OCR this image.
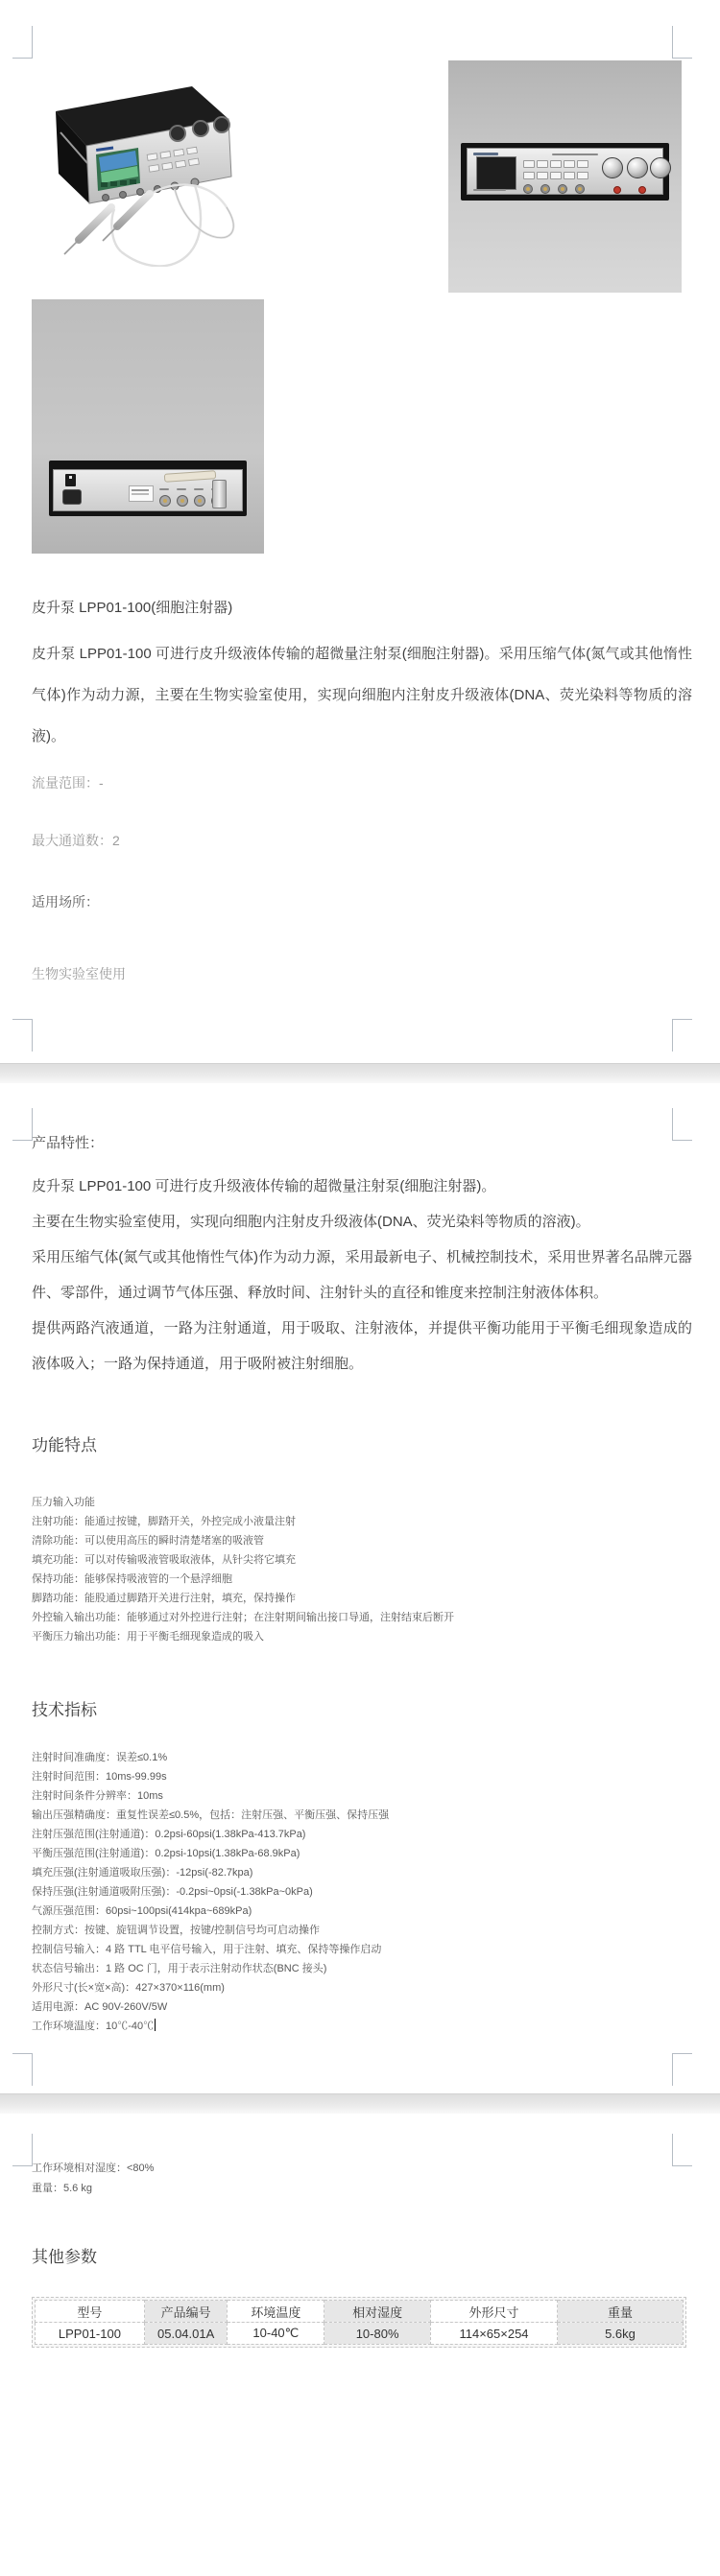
皮升泵 LPP01-100(细胞注射器)
皮升泵 LPP01-100 可进行皮升级液体传输的超微量注射泵(细胞注射器)。采用压缩气体(氮气或其他惰性气体)作为动力源，主要在生物实验室使用，实现向细胞内注射皮升级液体(DNA、荧光染料等物质的溶液)。
流量范围：-
最大通道数：2
适用场所：
生物实验室使用
产品特性：
皮升泵 LPP01-100 可进行皮升级液体传输的超微量注射泵(细胞注射器)。
主要在生物实验室使用，实现向细胞内注射皮升级液体(DNA、荧光染料等物质的溶液)。
采用压缩气体(氮气或其他惰性气体)作为动力源，采用最新电子、机械控制技术，采用世界著名品牌元器件、零部件，通过调节气体压强、释放时间、注射针头的直径和锥度来控制注射液体体积。
提供两路汽液通道，一路为注射通道，用于吸取、注射液体，并提供平衡功能用于平衡毛细现象造成的液体吸入；一路为保持通道，用于吸附被注射细胞。
功能特点
压力输入功能
注射功能：能通过按键，脚踏开关，外控完成小液量注射
清除功能：可以使用高压的瞬时清楚堵塞的吸液管
填充功能：可以对传输吸液管吸取液体，从针尖将它填充
保持功能：能够保持吸液管的一个悬浮细胞
脚踏功能：能股通过脚踏开关进行注射，填充，保持操作
外控输入输出功能：能够通过对外控进行注射；在注射期间输出接口导通，注射结束后断开
平衡压力输出功能：用于平衡毛细现象造成的吸入
技术指标
注射时间准确度：误差≤0.1%
注射时间范围：10ms-99.99s
注射时间条件分辨率：10ms
输出压强精确度：重复性误差≤0.5%，包括：注射压强、平衡压强、保持压强
注射压强范围(注射通道)：0.2psi-60psi(1.38kPa-413.7kPa)
平衡压强范围(注射通道)：0.2psi-10psi(1.38kPa-68.9kPa)
填充压强(注射通道吸取压强)：-12psi(-82.7kpa)
保持压强(注射通道吸附压强)：-0.2psi~0psi(-1.38kPa~0kPa)
气源压强范围：60psi~100psi(414kpa~689kPa)
控制方式：按键、旋钮调节设置，按键/控制信号均可启动操作
控制信号输入：4 路 TTL 电平信号输入，用于注射、填充、保持等操作启动
状态信号输出：1 路 OC 门，用于表示注射动作状态(BNC 接头)
外形尺寸(长×宽×高)：427×370×116(mm)
适用电源：AC 90V-260V/5W
工作环境温度：10℃-40℃
工作环境相对湿度：<80%
重量：5.6 kg
其他参数
型号	产品编号	环境温度	相对湿度	外形尺寸	重量
LPP01-100	05.04.01A	10-40℃	10-80%	114×65×254	5.6kg
